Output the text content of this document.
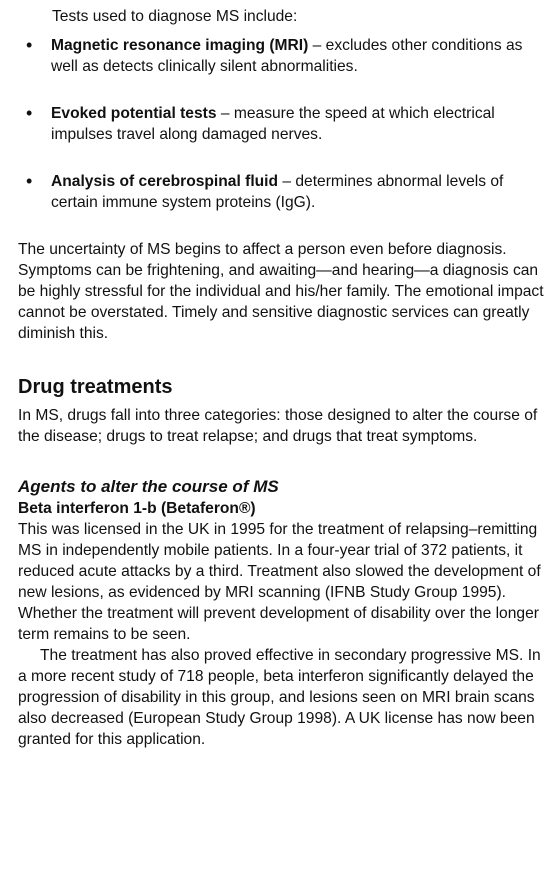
Tests used to diagnose MS include:

• Magnetic resonance imaging (MRI) – excludes other conditions as well as detects clinically silent abnormalities.
• Evoked potential tests – measure the speed at which electrical impulses travel along damaged nerves.
• Analysis of cerebrospinal fluid – determines abnormal levels of certain immune system proteins (IgG).

The uncertainty of MS begins to affect a person even before diagnosis. Symptoms can be frightening, and awaiting—and hearing—a diagnosis can be highly stressful for the individual and his/her family. The emotional impact cannot be overstated. Timely and sensitive diagnostic services can greatly diminish this.

Drug treatments

In MS, drugs fall into three categories: those designed to alter the course of the disease; drugs to treat relapse; and drugs that treat symptoms.

Agents to alter the course of MS

Beta interferon 1-b (Betaferon®)

This was licensed in the UK in 1995 for the treatment of relapsing–remitting MS in independently mobile patients. In a four-year trial of 372 patients, it reduced acute attacks by a third. Treatment also slowed the development of new lesions, as evidenced by MRI scanning (IFNB Study Group 1995). Whether the treatment will prevent development of disability over the longer term remains to be seen.

The treatment has also proved effective in secondary progressive MS. In a more recent study of 718 people, beta interferon significantly delayed the progression of disability in this group, and lesions seen on MRI brain scans also decreased (European Study Group 1998). A UK license has now been granted for this application.
